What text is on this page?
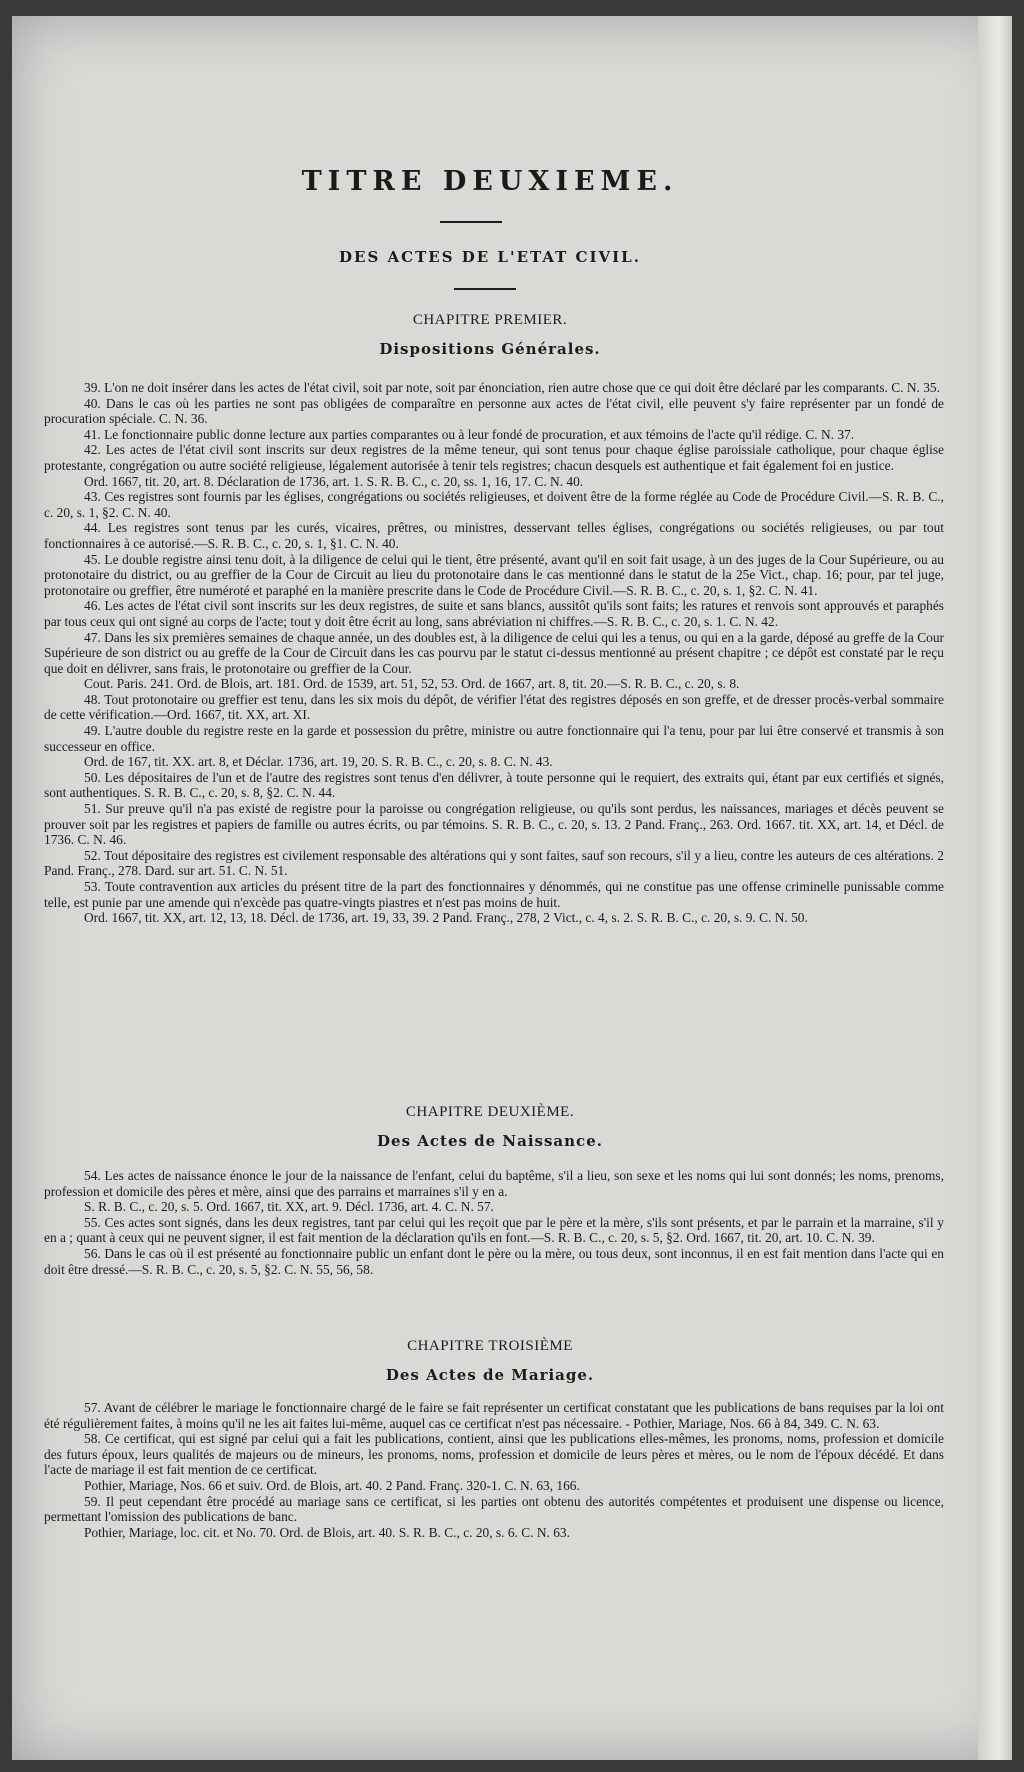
TITRE DEUXIEME.
DES ACTES DE L'ETAT CIVIL.
CHAPITRE PREMIER.
Dispositions Générales.

39. L'on ne doit insérer dans les actes de l'état civil, soit par note, soit par énonciation, rien autre chose que ce qui doit être déclaré par les comparants. C. N. 35.

40. Dans le cas où les parties ne sont pas obligées de comparaître en personne aux actes de l'état civil, elle peuvent s'y faire représenter par un fondé de procuration spéciale. C. N. 36.

41. Le fonctionnaire public donne lecture aux parties comparantes ou à leur fondé de procuration, et aux témoins de l'acte qu'il rédige. C. N. 37.

42. Les actes de l'état civil sont inscrits sur deux registres de la même teneur, qui sont tenus pour chaque église paroissiale catholique, pour chaque église protestante, congrégation ou autre société religieuse, légalement autorisée à tenir tels registres; chacun desquels est authentique et fait également foi en justice.

Ord. 1667, tit. 20, art. 8. Déclaration de 1736, art. 1. S. R. B. C., c. 20, ss. 1, 16, 17. C. N. 40.

43. Ces registres sont fournis par les églises, congrégations ou sociétés religieuses, et doivent être de la forme réglée au Code de Procédure Civil.—S. R. B. C., c. 20, s. 1, §2. C. N. 40.

44. Les registres sont tenus par les curés, vicaires, prêtres, ou ministres, desservant telles églises, congrégations ou sociétés religieuses, ou par tout fonctionnaires à ce autorisé.—S. R. B. C., c. 20, s. 1, §1. C. N. 40.

45. Le double registre ainsi tenu doit, à la diligence de celui qui le tient, être présenté, avant qu'il en soit fait usage, à un des juges de la Cour Supérieure, ou au protonotaire du district, ou au greffier de la Cour de Circuit au lieu du protonotaire dans le cas mentionné dans le statut de la 25e Vict., chap. 16; pour, par tel juge, protonotaire ou greffier, être numéroté et paraphé en la manière prescrite dans le Code de Procédure Civil.—S. R. B. C., c. 20, s. 1, §2. C. N. 41.

46. Les actes de l'état civil sont inscrits sur les deux registres, de suite et sans blancs, aussitôt qu'ils sont faits; les ratures et renvois sont approuvés et paraphés par tous ceux qui ont signé au corps de l'acte; tout y doit être écrit au long, sans abréviation ni chiffres.—S. R. B. C., c. 20, s. 1. C. N. 42.

47. Dans les six premières semaines de chaque année, un des doubles est, à la diligence de celui qui les a tenus, ou qui en a la garde, déposé au greffe de la Cour Supérieure de son district ou au greffe de la Cour de Circuit dans les cas pourvu par le statut ci-dessus mentionné au présent chapitre ; ce dépôt est constaté par le reçu que doit en délivrer, sans frais, le protonotaire ou greffier de la Cour.

Cout. Paris. 241. Ord. de Blois, art. 181. Ord. de 1539, art. 51, 52, 53. Ord. de 1667, art. 8, tit. 20.—S. R. B. C., c. 20, s. 8.

48. Tout protonotaire ou greffier est tenu, dans les six mois du dépôt, de vérifier l'état des registres déposés en son greffe, et de dresser procès-verbal sommaire de cette vérification.—Ord. 1667, tit. XX, art. XI.

49. L'autre double du registre reste en la garde et possession du prêtre, ministre ou autre fonctionnaire qui l'a tenu, pour par lui être conservé et transmis à son successeur en office.

Ord. de 167, tit. XX. art. 8, et Déclar. 1736, art. 19, 20. S. R. B. C., c. 20, s. 8. C. N. 43.

50. Les dépositaires de l'un et de l'autre des registres sont tenus d'en délivrer, à toute personne qui le requiert, des extraits qui, étant par eux certifiés et signés, sont authentiques. S. R. B. C., c. 20, s. 8, §2. C. N. 44.

51. Sur preuve qu'il n'a pas existé de registre pour la paroisse ou congrégation religieuse, ou qu'ils sont perdus, les naissances, mariages et décès peuvent se prouver soit par les registres et papiers de famille ou autres écrits, ou par témoins. S. R. B. C., c. 20, s. 13. 2 Pand. Franç., 263. Ord. 1667. tit. XX, art. 14, et Décl. de 1736. C. N. 46.

52. Tout dépositaire des registres est civilement responsable des altérations qui y sont faites, sauf son recours, s'il y a lieu, contre les auteurs de ces altérations. 2 Pand. Franç., 278. Dard. sur art. 51. C. N. 51.

53. Toute contravention aux articles du présent titre de la part des fonctionnaires y dénommés, qui ne constitue pas une offense criminelle punissable comme telle, est punie par une amende qui n'excède pas quatre-vingts piastres et n'est pas moins de huit.

Ord. 1667, tit. XX, art. 12, 13, 18. Décl. de 1736, art. 19, 33, 39. 2 Pand. Franç., 278, 2 Vict., c. 4, s. 2. S. R. B. C., c. 20, s. 9. C. N. 50.

CHAPITRE DEUXIÈME.
Des Actes de Naissance.

54. Les actes de naissance énonce le jour de la naissance de l'enfant, celui du baptême, s'il a lieu, son sexe et les noms qui lui sont donnés; les noms, prenoms, profession et domicile des pères et mère, ainsi que des parrains et marraines s'il y en a.

S. R. B. C., c. 20, s. 5. Ord. 1667, tit. XX, art. 9. Décl. 1736, art. 4. C. N. 57.

55. Ces actes sont signés, dans les deux registres, tant par celui qui les reçoit que par le père et la mère, s'ils sont présents, et par le parrain et la marraine, s'il y en a ; quant à ceux qui ne peuvent signer, il est fait mention de la déclaration qu'ils en font.—S. R. B. C., c. 20, s. 5, §2. Ord. 1667, tit. 20, art. 10. C. N. 39.

56. Dans le cas où il est présenté au fonctionnaire public un enfant dont le père ou la mère, ou tous deux, sont inconnus, il en est fait mention dans l'acte qui en doit être dressé.—S. R. B. C., c. 20, s. 5, §2. C. N. 55, 56, 58.

CHAPITRE TROISIÈME
Des Actes de Mariage.

57. Avant de célébrer le mariage le fonctionnaire chargé de le faire se fait représenter un certificat constatant que les publications de bans requises par la loi ont été régulièrement faites, à moins qu'il ne les ait faites lui-même, auquel cas ce certificat n'est pas nécessaire. - Pothier, Mariage, Nos. 66 à 84, 349. C. N. 63.

58. Ce certificat, qui est signé par celui qui a fait les publications, contient, ainsi que les publications elles-mêmes, les pronoms, noms, profession et domicile des futurs époux, leurs qualités de majeurs ou de mineurs, les pronoms, noms, profession et domicile de leurs pères et mères, ou le nom de l'époux décédé. Et dans l'acte de mariage il est fait mention de ce certificat.

Pothier, Mariage, Nos. 66 et suiv. Ord. de Blois, art. 40. 2 Pand. Franç. 320-1. C. N. 63, 166.

59. Il peut cependant être procédé au mariage sans ce certificat, si les parties ont obtenu des autorités compétentes et produisent une dispense ou licence, permettant l'omission des publications de banc.

Pothier, Mariage, loc. cit. et No. 70. Ord. de Blois, art. 40. S. R. B. C., c. 20, s. 6. C. N. 63.
